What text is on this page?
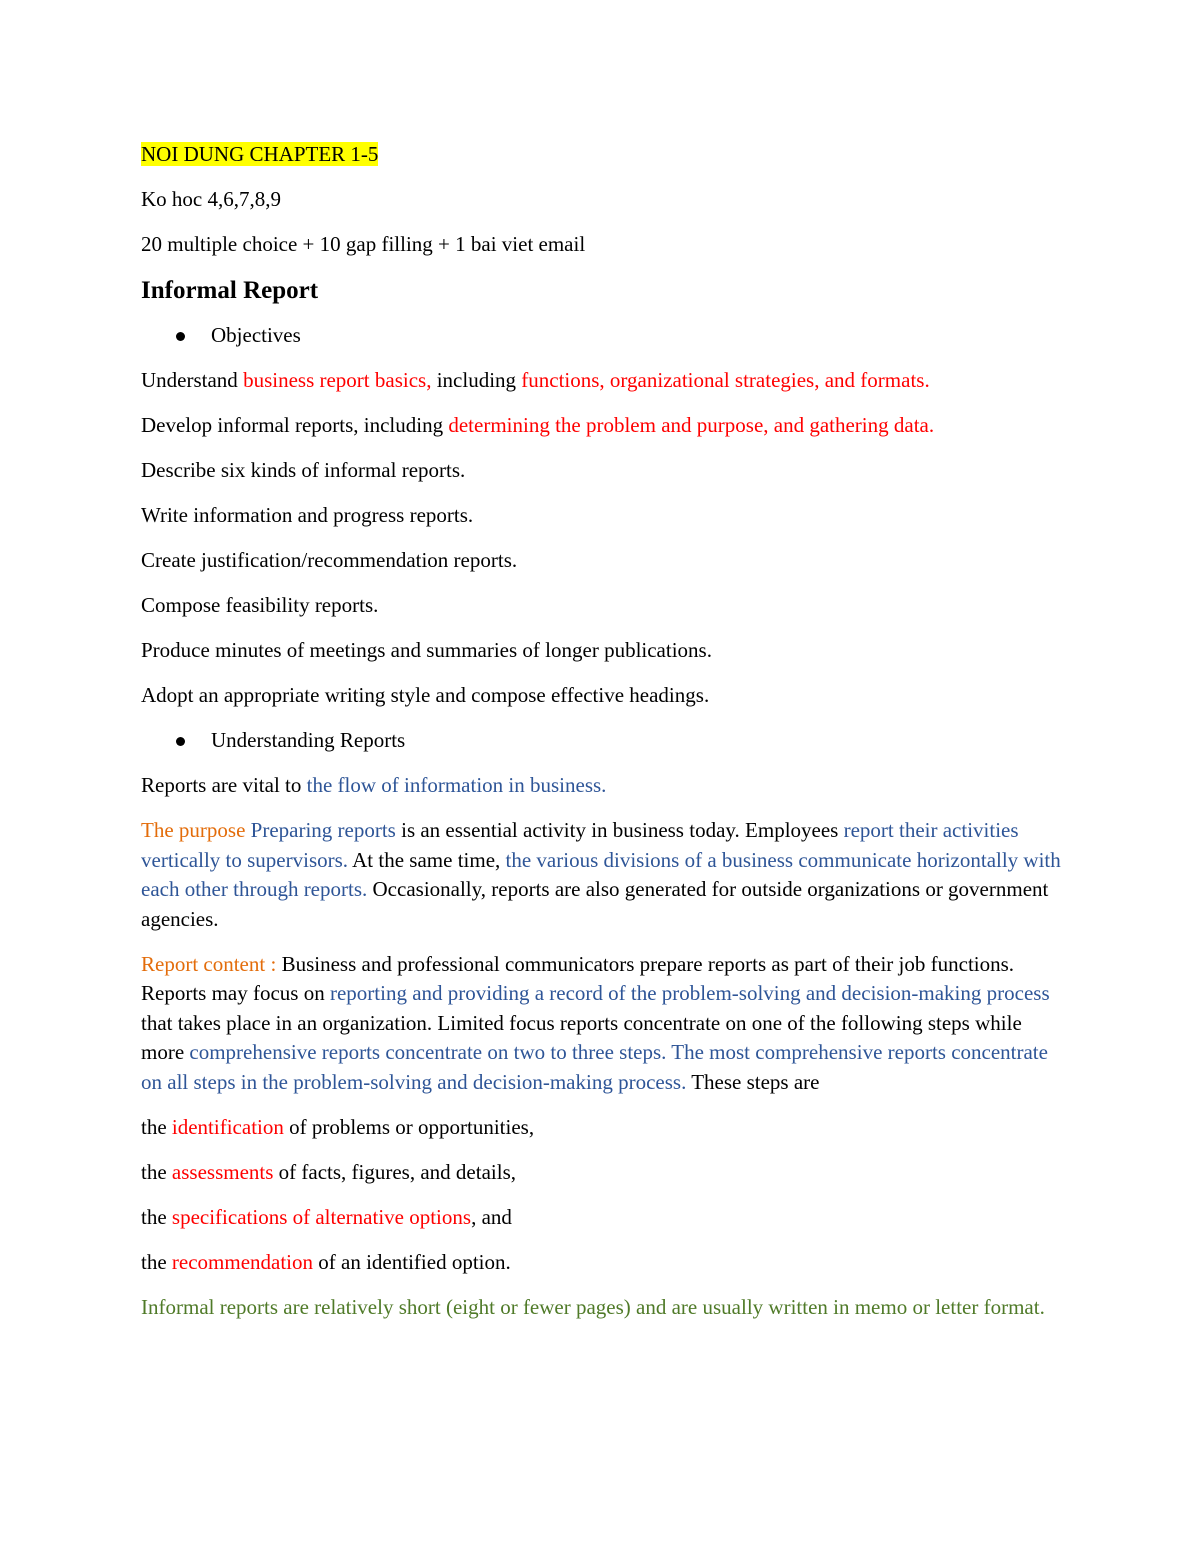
NOI DUNG CHAPTER 1-5

Ko hoc 4,6,7,8,9

20 multiple choice + 10 gap filling + 1 bai viet email

Informal Report
Objectives

Understand business report basics, including functions, organizational strategies, and formats.

Develop informal reports, including determining the problem and purpose, and gathering data.

Describe six kinds of informal reports.

Write information and progress reports.

Create justification/recommendation reports.

Compose feasibility reports.

Produce minutes of meetings and summaries of longer publications.

Adopt an appropriate writing style and compose effective headings.

Understanding Reports

Reports are vital to the flow of information in business.

The purpose Preparing reports is an essential activity in business today. Employees report their activities vertically to supervisors. At the same time, the various divisions of a business communicate horizontally with each other through reports. Occasionally, reports are also generated for outside organizations or government agencies.

Report content : Business and professional communicators prepare reports as part of their job functions. Reports may focus on reporting and providing a record of the problem-solving and decision-making process that takes place in an organization. Limited focus reports concentrate on one of the following steps while more comprehensive reports concentrate on two to three steps. The most comprehensive reports concentrate on all steps in the problem-solving and decision-making process. These steps are

the identification of problems or opportunities,

the assessments of facts, figures, and details,

the specifications of alternative options, and

the recommendation of an identified option.

Informal reports are relatively short (eight or fewer pages) and are usually written in memo or letter format.
